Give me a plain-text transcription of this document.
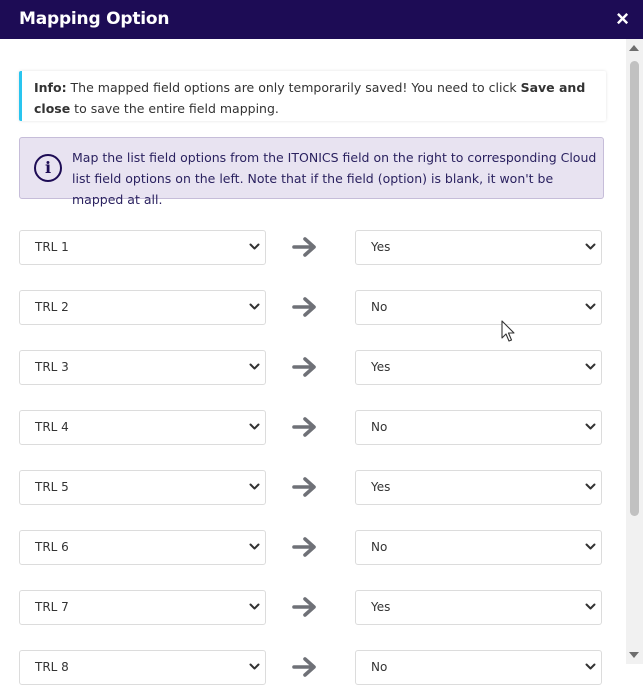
Mapping Option	×
Info: The mapped field options are only temporarily saved! You need to click Save and close to save the entire field mapping.
i
Map the list field options from the ITONICS field on the right to corresponding Cloud list field options on the left. Note that if the field (option) is blank, it won't be mapped at all.
TRL 1	Yes
TRL 2	No
TRL 3	Yes
TRL 4	No
TRL 5	Yes
TRL 6	No
TRL 7	Yes
TRL 8	No
